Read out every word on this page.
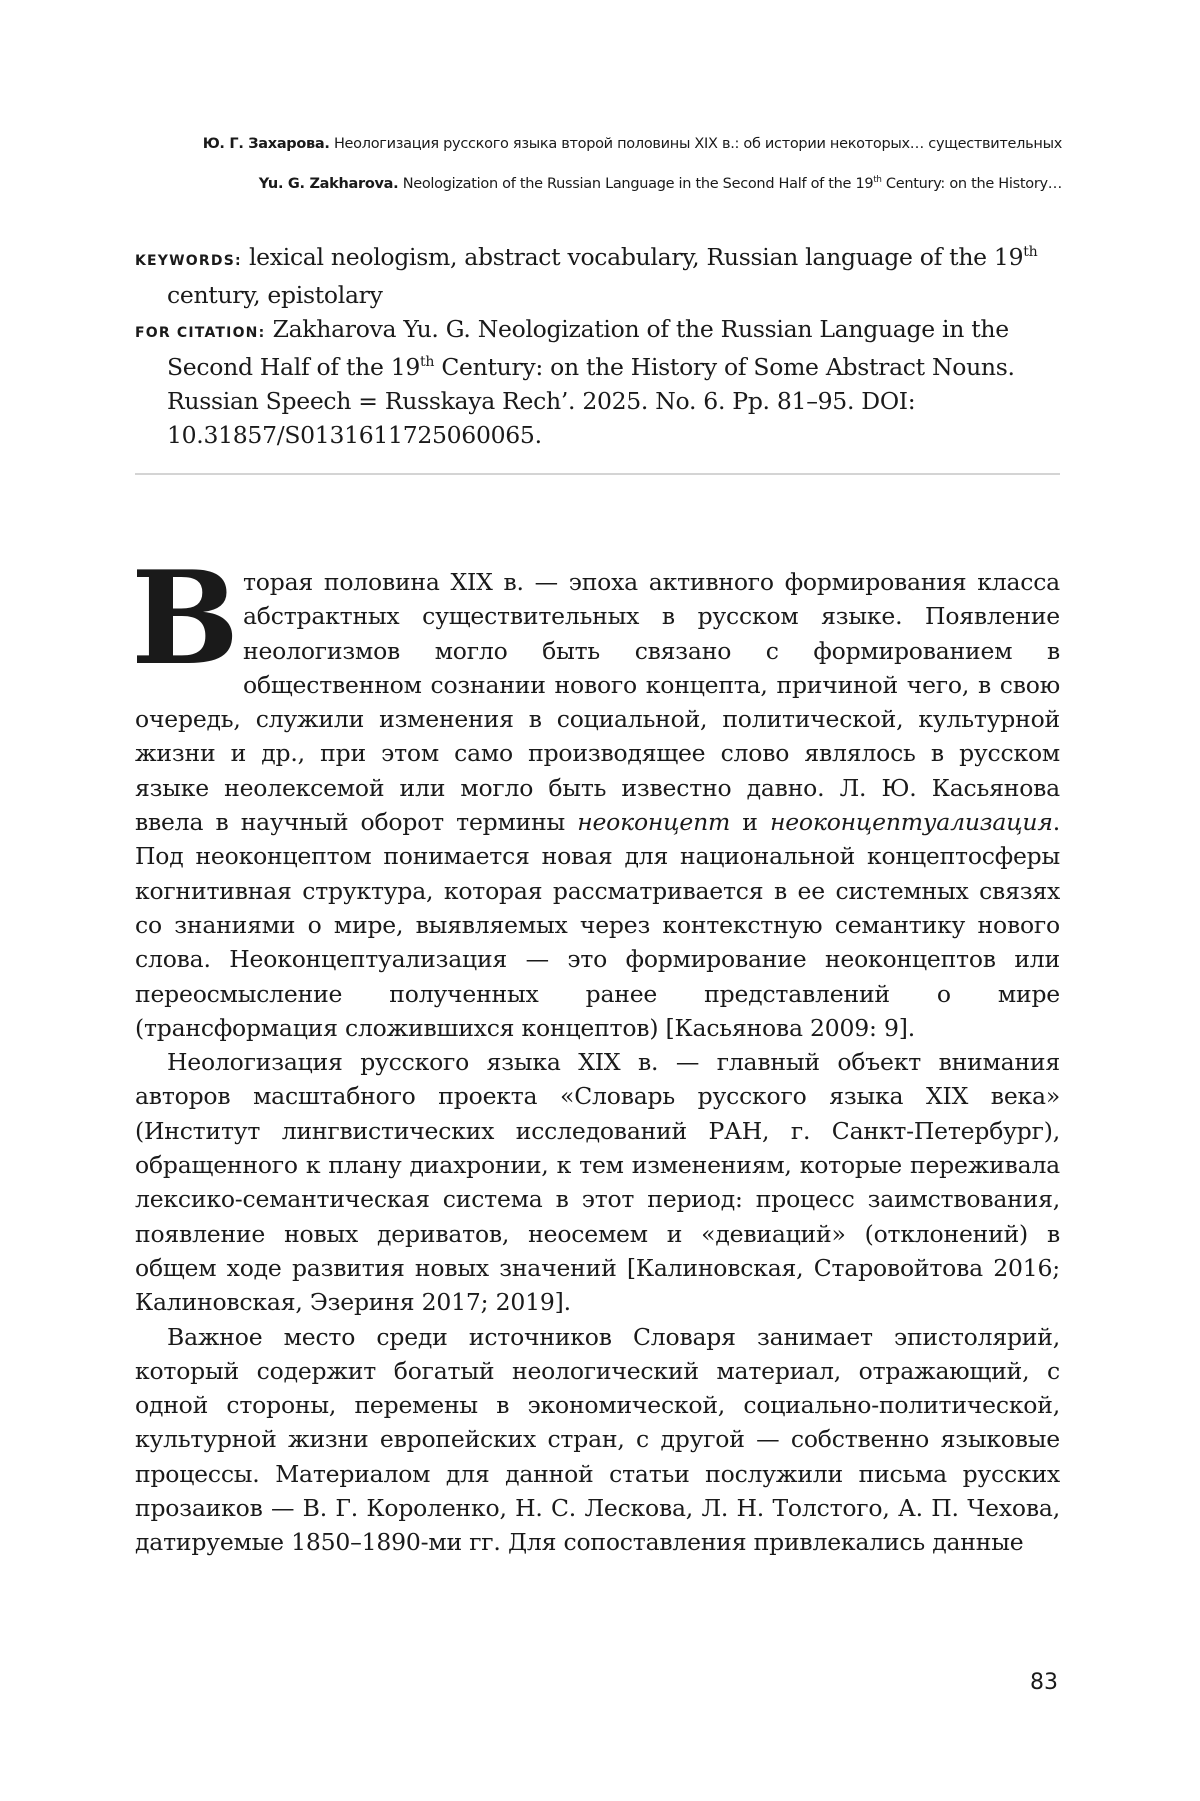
Ю. Г. Захарова. Неологизация русского языка второй половины XIX в.: об истории некоторых… существительных
Yu. G. Zakharova. Neologization of the Russian Language in the Second Half of the 19th Century: on the History…

KEYWORDS: lexical neologism, abstract vocabulary, Russian language of the 19th century, epistolary

FOR CITATION: Zakharova Yu. G. Neologization of the Russian Language in the Second Half of the 19th Century: on the History of Some Abstract Nouns. Russian Speech = Russkaya Rech’. 2025. No. 6. Pp. 81–95. DOI: 10.31857/S0131611725060065.

Вторая половина XIX в. — эпоха активного формирования класса абстрактных существительных в русском языке. Появление неологизмов могло быть связано с формированием в общественном сознании нового концепта, причиной чего, в свою очередь, служили изменения в социальной, политической, культурной жизни и др., при этом само производящее слово являлось в русском языке неолексемой или могло быть известно давно. Л. Ю. Касьянова ввела в научный оборот термины неоконцепт и неоконцептуализация. Под неоконцептом понимается новая для национальной концептосферы когнитивная структура, которая рассматривается в ее системных связях со знаниями о мире, выявляемых через контекстную семантику нового слова. Неоконцептуализация — это формирование неоконцептов или переосмысление полученных ранее представлений о мире (трансформация сложившихся концептов) [Касьянова 2009: 9].

Неологизация русского языка XIX в. — главный объект внимания авторов масштабного проекта «Словарь русского языка XIX века» (Институт лингвистических исследований РАН, г. Санкт-Петербург), обращенного к плану диахронии, к тем изменениям, которые переживала лексико-семантическая система в этот период: процесс заимствования, появление новых дериватов, неосемем и «девиаций» (отклонений) в общем ходе развития новых значений [Калиновская, Старовойтова 2016; Калиновская, Эзериня 2017; 2019].

Важное место среди источников Словаря занимает эпистолярий, который содержит богатый неологический материал, отражающий, с одной стороны, перемены в экономической, социально-политической, культурной жизни европейских стран, с другой — собственно языковые процессы. Материалом для данной статьи послужили письма русских прозаиков — В. Г. Короленко, Н. С. Лескова, Л. Н. Толстого, А. П. Чехова, датируемые 1850–1890-ми гг. Для сопоставления привлекались данные

83
